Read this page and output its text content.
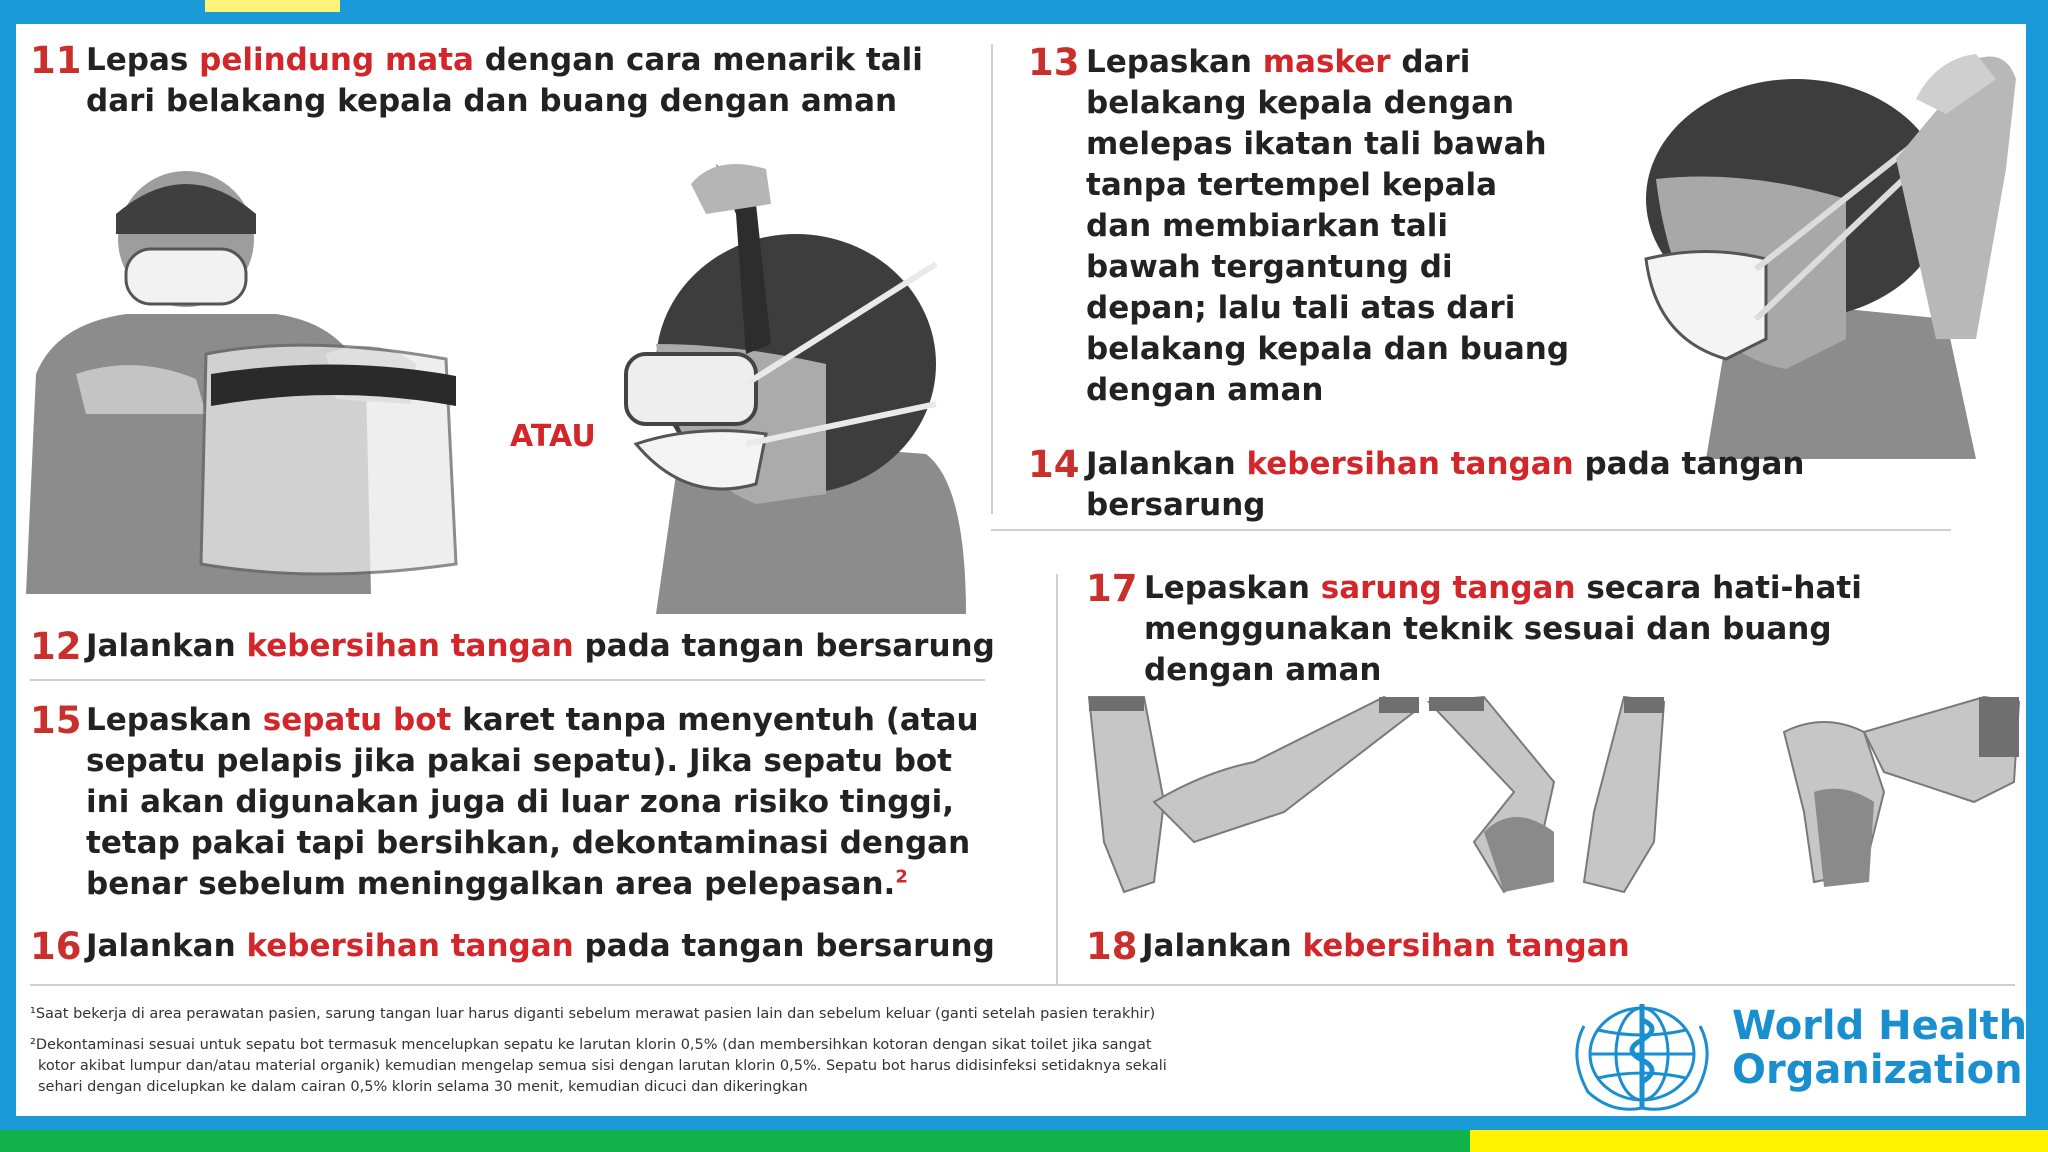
11 Lepas pelindung mata dengan cara menarik tali
dari belakang kepala dan buang dengan aman
ATAU
12 Jalankan kebersihan tangan pada tangan bersarung
13 Lepaskan masker dari
belakang kepala dengan
melepas ikatan tali bawah
tanpa tertempel kepala
dan membiarkan tali
bawah tergantung di
depan; lalu tali atas dari
belakang kepala dan buang
dengan aman
14 Jalankan kebersihan tangan pada tangan
bersarung
15 Lepaskan sepatu bot karet tanpa menyentuh (atau
sepatu pelapis jika pakai sepatu). Jika sepatu bot
ini akan digunakan juga di luar zona risiko tinggi,
tetap pakai tapi bersihkan, dekontaminasi dengan
benar sebelum meninggalkan area pelepasan.$^2$
16 Jalankan kebersihan tangan pada tangan bersarung
17 Lepaskan sarung tangan secara hati-hati
menggunakan teknik sesuai dan buang
dengan aman
18 Jalankan kebersihan tangan
¹Saat bekerja di area perawatan pasien, sarung tangan luar harus diganti sebelum merawat pasien lain dan sebelum keluar (ganti setelah pasien terakhir)
²Dekontaminasi sesuai untuk sepatu bot termasuk mencelupkan sepatu ke larutan klorin 0,5% (dan membersihkan kotoran dengan sikat toilet jika sangat
kotor akibat lumpur dan/atau material organik) kemudian mengelap semua sisi dengan larutan klorin 0,5%. Sepatu bot harus didisinfeksi setidaknya sekali
sehari dengan dicelupkan ke dalam cairan 0,5% klorin selama 30 menit, kemudian dicuci dan dikeringkan
World Health
Organization
